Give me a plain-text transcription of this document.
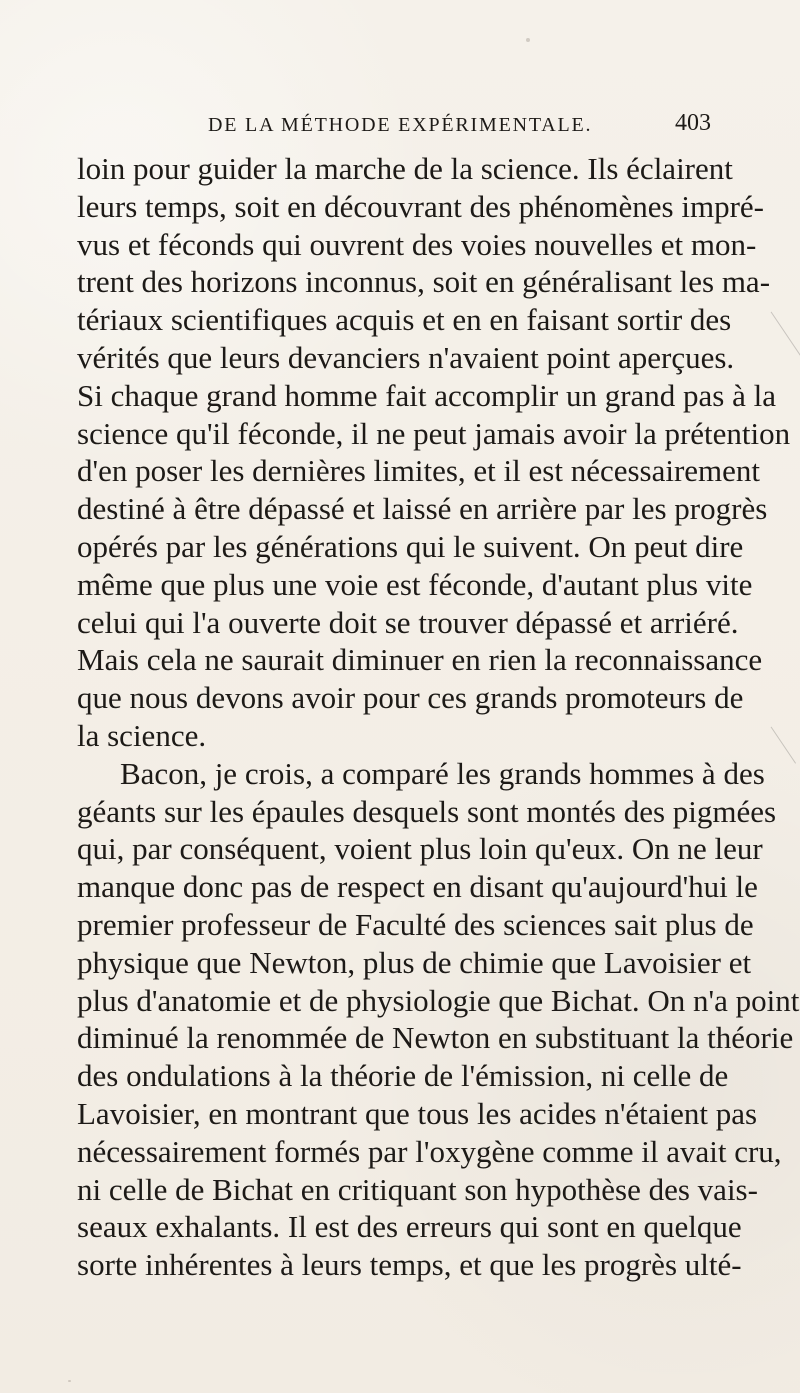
DE LA MÉTHODE EXPÉRIMENTALE.	403
loin pour guider la marche de la science. Ils éclairent
leurs temps, soit en découvrant des phénomènes impré-
vus et féconds qui ouvrent des voies nouvelles et mon-
trent des horizons inconnus, soit en généralisant les ma-
tériaux scientifiques acquis et en en faisant sortir des
vérités que leurs devanciers n'avaient point aperçues.
Si chaque grand homme fait accomplir un grand pas à la
science qu'il féconde, il ne peut jamais avoir la prétention
d'en poser les dernières limites, et il est nécessairement
destiné à être dépassé et laissé en arrière par les progrès
opérés par les générations qui le suivent. On peut dire
même que plus une voie est féconde, d'autant plus vite
celui qui l'a ouverte doit se trouver dépassé et arriéré.
Mais cela ne saurait diminuer en rien la reconnaissance
que nous devons avoir pour ces grands promoteurs de
la science.
Bacon, je crois, a comparé les grands hommes à des
géants sur les épaules desquels sont montés des pigmées
qui, par conséquent, voient plus loin qu'eux. On ne leur
manque donc pas de respect en disant qu'aujourd'hui le
premier professeur de Faculté des sciences sait plus de
physique que Newton, plus de chimie que Lavoisier et
plus d'anatomie et de physiologie que Bichat. On n'a point
diminué la renommée de Newton en substituant la théorie
des ondulations à la théorie de l'émission, ni celle de
Lavoisier, en montrant que tous les acides n'étaient pas
nécessairement formés par l'oxygène comme il avait cru,
ni celle de Bichat en critiquant son hypothèse des vais-
seaux exhalants. Il est des erreurs qui sont en quelque
sorte inhérentes à leurs temps, et que les progrès ulté-
